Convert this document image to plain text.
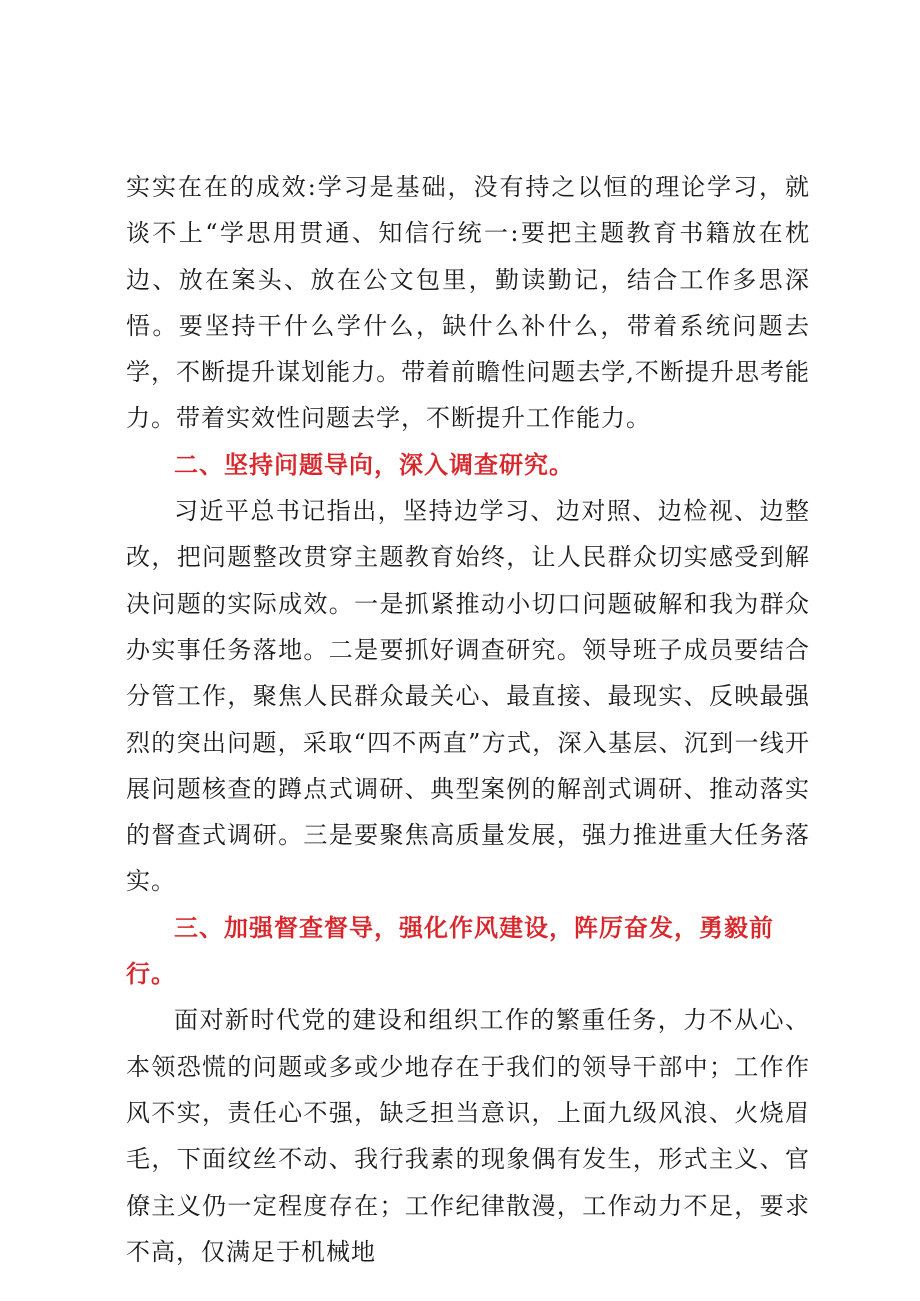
实实在在的成效:学习是基础，没有持之以恒的理论学习，就谈不上“学思用贯通、知信行统一:要把主题教育书籍放在枕边、放在案头、放在公文包里，勤读勤记，结合工作多思深悟。要坚持干什么学什么，缺什么补什么，带着系统问题去学，不断提升谋划能力。带着前瞻性问题去学,不断提升思考能力。带着实效性问题去学，不断提升工作能力。

二、坚持问题导向，深入调查研究。

习近平总书记指出，坚持边学习、边对照、边检视、边整改，把问题整改贯穿主题教育始终，让人民群众切实感受到解决问题的实际成效。一是抓紧推动小切口问题破解和我为群众办实事任务落地。二是要抓好调查研究。领导班子成员要结合分管工作，聚焦人民群众最关心、最直接、最现实、反映最强烈的突出问题，采取“四不两直”方式，深入基层、沉到一线开展问题核查的蹲点式调研、典型案例的解剖式调研、推动落实的督查式调研。三是要聚焦高质量发展，强力推进重大任务落实。

三、加强督查督导，强化作风建设，阵厉奋发，勇毅前行。

面对新时代党的建设和组织工作的繁重任务，力不从心、本领恐慌的问题或多或少地存在于我们的领导干部中；工作作风不实，责任心不强，缺乏担当意识，上面九级风浪、火烧眉毛，下面纹丝不动、我行我素的现象偶有发生，形式主义、官僚主义仍一定程度存在；工作纪律散漫，工作动力不足，要求不高，仅满足于机械地
